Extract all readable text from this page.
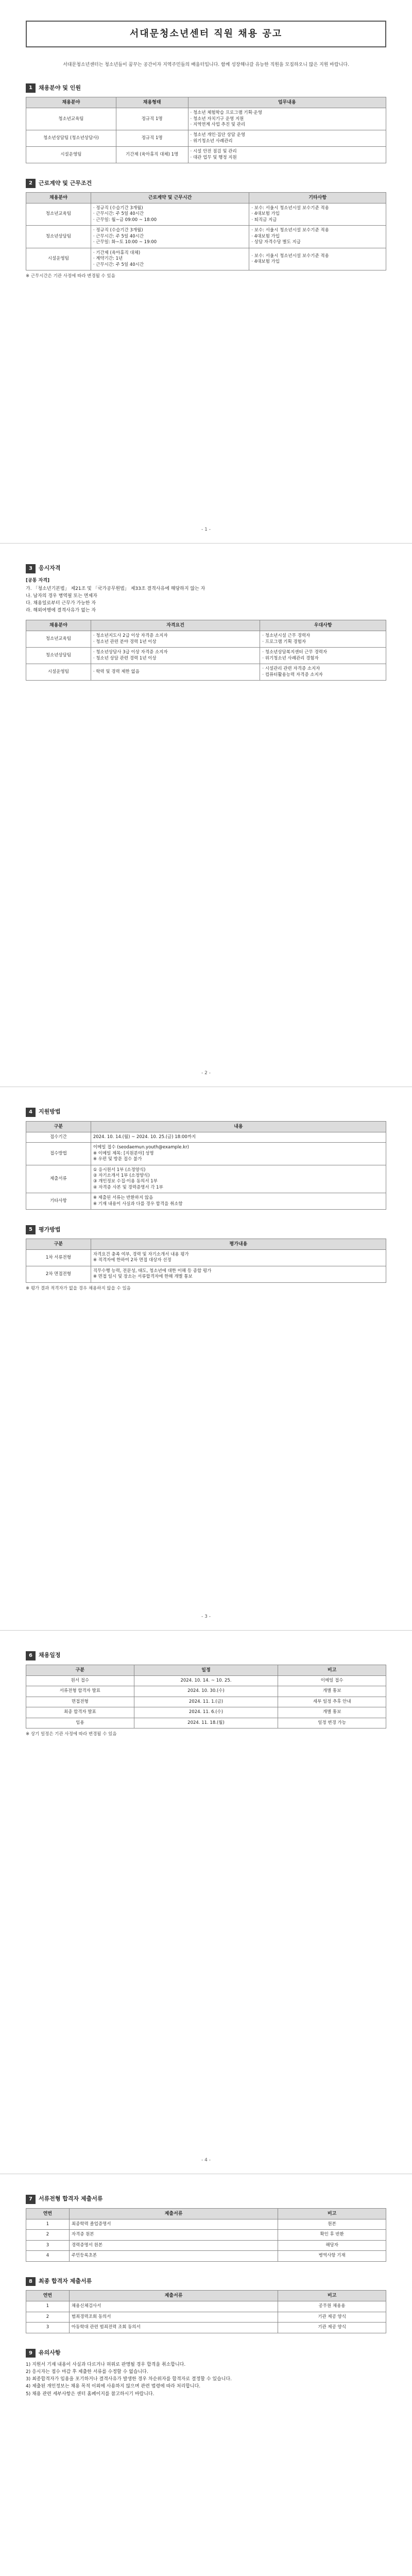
서대문청소년센터 직원 채용 공고

서대문청소년센터는 청소년들이 꿈꾸는 공간이자 지역주민들의 배움터입니다. 함께 성장해나갈 유능한 직원을 모집하오니 많은 지원 바랍니다.

1	채용분야 및 인원
채용분야	채용형태	업무내용
청소년교육팀	정규직 1명	· 청소년 체험학습 프로그램 기획·운영
· 청소년 자치기구 운영 지원
· 지역연계 사업 추진 및 관리
청소년상담팀 (청소년상담사)	정규직 1명	· 청소년 개인·집단 상담 운영
· 위기청소년 사례관리
시설운영팀	기간제 (육아휴직 대체) 1명	· 시설 안전 점검 및 관리
· 대관 업무 및 행정 지원
2	근로계약 및 근무조건
채용분야	근로계약 및 근무시간	기타사항
청소년교육팀	· 정규직 (수습기간 3개월)
· 근무시간: 주 5일 40시간
· 근무일: 월~금 09:00 ~ 18:00	· 보수: 서울시 청소년시설 보수기준 적용
· 4대보험 가입
· 퇴직금 지급
청소년상담팀	· 정규직 (수습기간 3개월)
· 근무시간: 주 5일 40시간
· 근무일: 화~토 10:00 ~ 19:00	· 보수: 서울시 청소년시설 보수기준 적용
· 4대보험 가입
· 상담 자격수당 별도 지급
시설운영팀	· 기간제 (육아휴직 대체)
· 계약기간: 1년
· 근무시간: 주 5일 40시간	· 보수: 서울시 청소년시설 보수기준 적용
· 4대보험 가입

※ 근무시간은 기관 사정에 따라 변경될 수 있음

- 1 -
3	응시자격

[공통 자격]

가. 「청소년기본법」 제21조 및 「국가공무원법」 제33조 결격사유에 해당하지 않는 자
나. 남자의 경우 병역필 또는 면제자
다. 채용일로부터 근무가 가능한 자
라. 해외여행에 결격사유가 없는 자
채용분야	자격요건	우대사항
청소년교육팀	· 청소년지도사 2급 이상 자격증 소지자
· 청소년 관련 분야 경력 1년 이상	· 청소년시설 근무 경력자
· 프로그램 기획 경험자
청소년상담팀	· 청소년상담사 3급 이상 자격증 소지자
· 청소년 상담 관련 경력 1년 이상	· 청소년상담복지센터 근무 경력자
· 위기청소년 사례관리 경험자
시설운영팀	· 학력 및 경력 제한 없음	· 시설관리 관련 자격증 소지자
· 컴퓨터활용능력 자격증 소지자
- 2 -
4	지원방법
구분	내용
접수기간	2024. 10. 14.(월) ~ 2024. 10. 25.(금) 18:00까지
접수방법	이메일 접수 (seodaemun.youth@example.kr)
※ 이메일 제목: [지원분야] 성명
※ 우편 및 방문 접수 불가
제출서류	① 응시원서 1부 (소정양식)
② 자기소개서 1부 (소정양식)
③ 개인정보 수집·이용 동의서 1부
④ 자격증 사본 및 경력증명서 각 1부
기타사항	※ 제출된 서류는 반환하지 않음
※ 기재 내용이 사실과 다를 경우 합격을 취소함
5	평가방법
구분	평가내용
1차 서류전형	자격요건 충족 여부, 경력 및 자기소개서 내용 평가
※ 적격자에 한하여 2차 면접 대상자 선정
2차 면접전형	직무수행 능력, 전문성, 태도, 청소년에 대한 이해 등 종합 평가
※ 면접 일시 및 장소는 서류합격자에 한해 개별 통보

※ 평가 결과 적격자가 없을 경우 채용하지 않을 수 있음

- 3 -
6	채용일정
구분	일정	비고
원서 접수	2024. 10. 14. ~ 10. 25.	이메일 접수
서류전형 합격자 발표	2024. 10. 30.(수)	개별 통보
면접전형	2024. 11. 1.(금)	세부 일정 추후 안내
최종 합격자 발표	2024. 11. 6.(수)	개별 통보
임용	2024. 11. 18.(월)	일정 변경 가능

※ 상기 일정은 기관 사정에 따라 변경될 수 있음

- 4 -
7	서류전형 합격자 제출서류
연번	제출서류	비고
1	최종학력 졸업증명서	원본
2	자격증 원본	확인 후 반환
3	경력증명서 원본	해당자
4	주민등록초본	병역사항 기재
8	최종 합격자 제출서류
연번	제출서류	비고
1	채용신체검사서	공무원 채용용
2	범죄경력조회 동의서	기관 제공 양식
3	아동학대 관련 범죄전력 조회 동의서	기관 제공 양식
9	유의사항
1) 지원서 기재 내용이 사실과 다르거나 허위로 판명될 경우 합격을 취소합니다.
2) 응시자는 접수 마감 후 제출한 서류를 수정할 수 없습니다.
3) 최종합격자가 임용을 포기하거나 결격사유가 발생한 경우 차순위자를 합격자로 결정할 수 있습니다.
4) 제출된 개인정보는 채용 목적 이외에 사용하지 않으며 관련 법령에 따라 처리합니다.
5) 채용 관련 세부사항은 센터 홈페이지를 참고하시기 바랍니다.
